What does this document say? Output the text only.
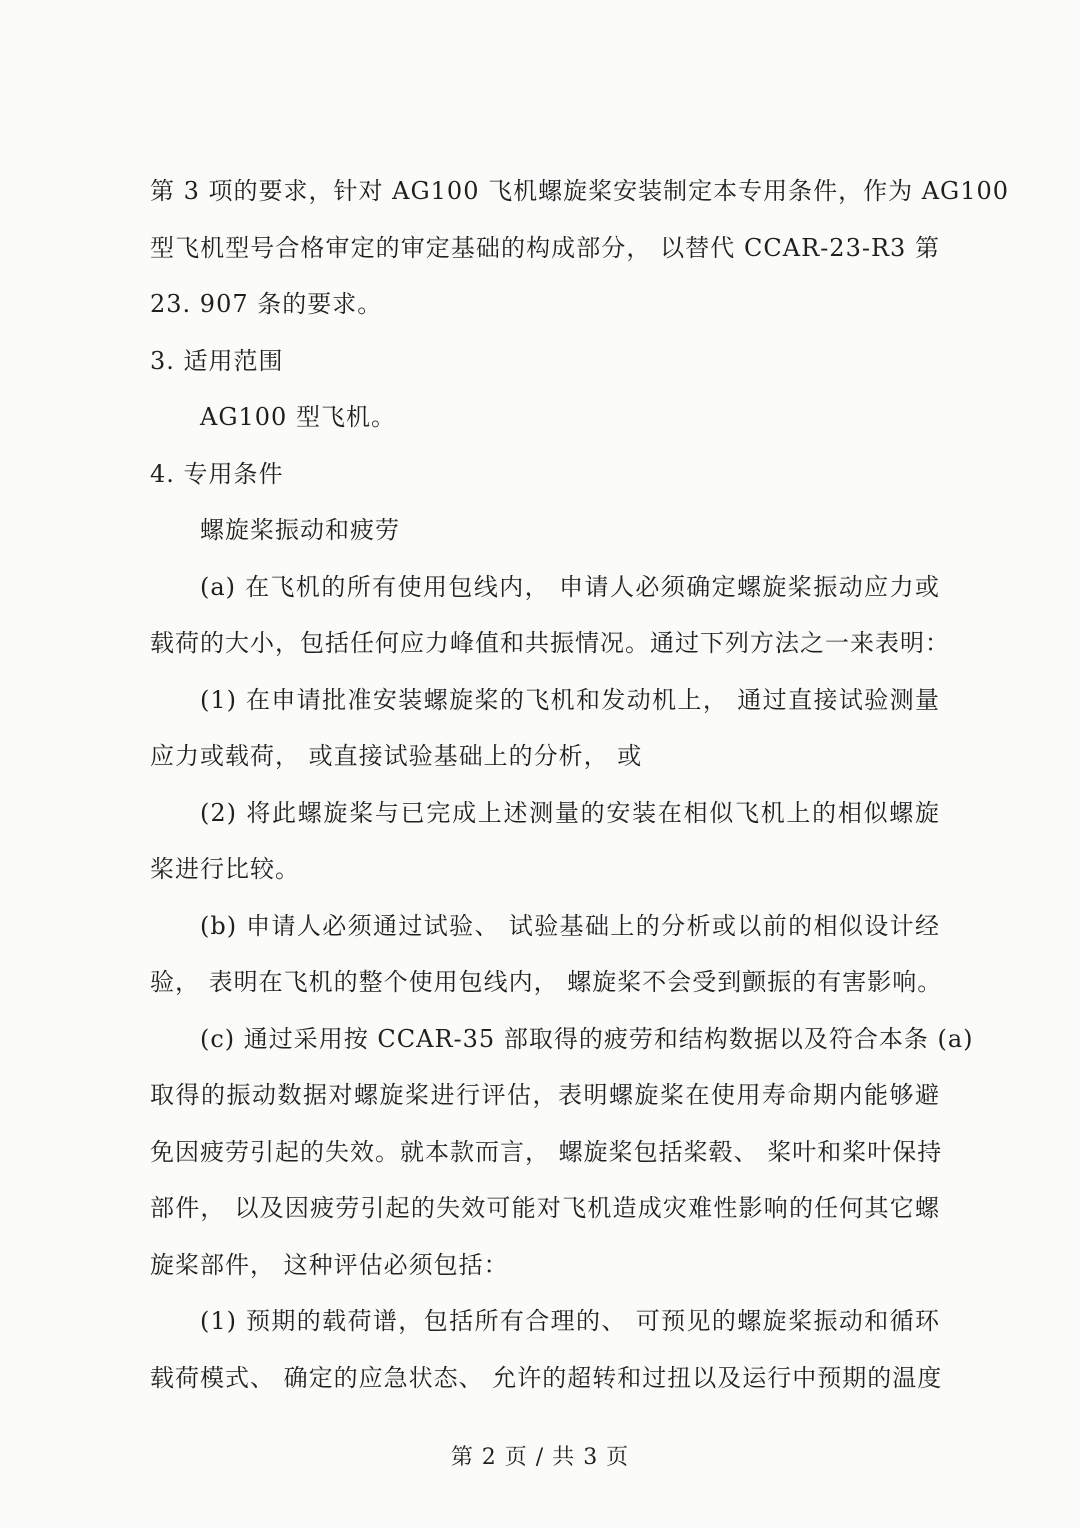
第 3 项的要求，针对 AG100 飞机螺旋桨安装制定本专用条件，作为 AG100
型飞机型号合格审定的审定基础的构成部分， 以替代 CCAR-23-R3 第
23. 907 条的要求。
3. 适用范围
AG100 型飞机。
4. 专用条件
螺旋桨振动和疲劳
(a) 在飞机的所有使用包线内， 申请人必须确定螺旋桨振动应力或
载荷的大小，包括任何应力峰值和共振情况。通过下列方法之一来表明：
(1) 在申请批准安装螺旋桨的飞机和发动机上， 通过直接试验测量
应力或载荷， 或直接试验基础上的分析， 或
(2) 将此螺旋桨与已完成上述测量的安装在相似飞机上的相似螺旋
桨进行比较。
(b) 申请人必须通过试验、 试验基础上的分析或以前的相似设计经
验， 表明在飞机的整个使用包线内， 螺旋桨不会受到颤振的有害影响。
(c) 通过采用按 CCAR-35 部取得的疲劳和结构数据以及符合本条 (a)
取得的振动数据对螺旋桨进行评估，表明螺旋桨在使用寿命期内能够避
免因疲劳引起的失效。就本款而言， 螺旋桨包括桨毂、 桨叶和桨叶保持
部件， 以及因疲劳引起的失效可能对飞机造成灾难性影响的任何其它螺
旋桨部件， 这种评估必须包括：
(1) 预期的载荷谱，包括所有合理的、 可预见的螺旋桨振动和循环
载荷模式、 确定的应急状态、 允许的超转和过扭以及运行中预期的温度
第 2 页 / 共 3 页
